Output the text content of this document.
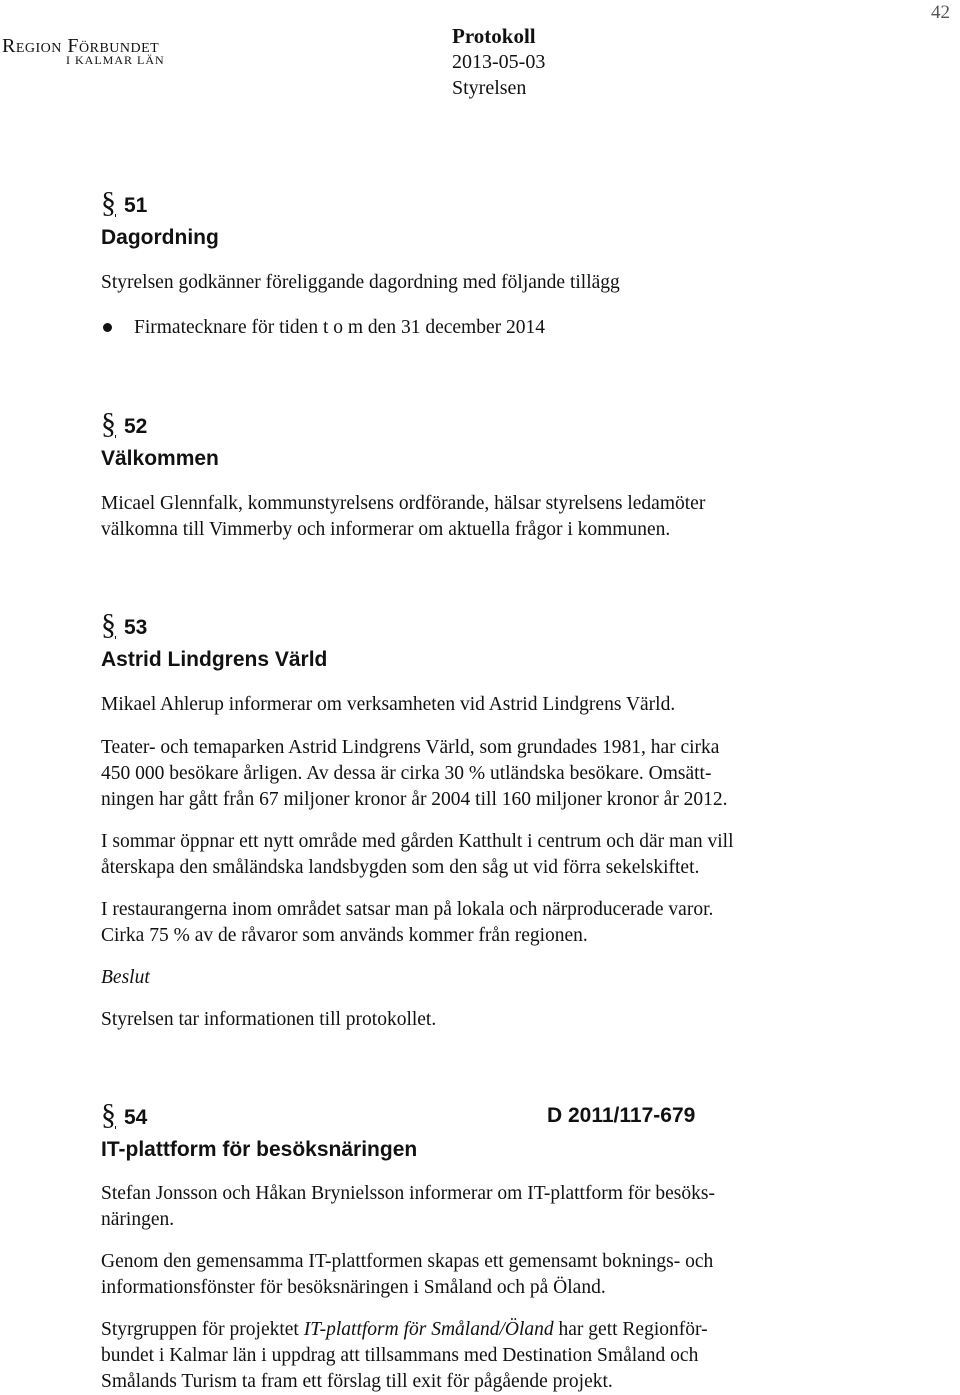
Region Förbundet
I KALMAR LÄN
Protokoll
2013-05-03
Styrelsen
42
§ 51
Dagordning
Styrelsen godkänner föreliggande dagordning med följande tillägg
Firmatecknare för tiden t o m den 31 december 2014
§ 52
Välkommen
Micael Glennfalk, kommunstyrelsens ordförande, hälsar styrelsens ledamöter
välkomna till Vimmerby och informerar om aktuella frågor i kommunen.
§ 53
Astrid Lindgrens Värld
Mikael Ahlerup informerar om verksamheten vid Astrid Lindgrens Värld.
Teater- och temaparken Astrid Lindgrens Värld, som grundades 1981, har cirka
450 000 besökare årligen. Av dessa är cirka 30 % utländska besökare. Omsätt-
ningen har gått från 67 miljoner kronor år 2004 till 160 miljoner kronor år 2012.
I sommar öppnar ett nytt område med gården Katthult i centrum och där man vill
återskapa den småländska landsbygden som den såg ut vid förra sekelskiftet.
I restaurangerna inom området satsar man på lokala och närproducerade varor.
Cirka 75 % av de råvaror som används kommer från regionen.
Beslut
Styrelsen tar informationen till protokollet.
§ 54	D 2011/117-679
IT-plattform för besöksnäringen
Stefan Jonsson och Håkan Brynielsson informerar om IT-plattform för besöks-
näringen.
Genom den gemensamma IT-plattformen skapas ett gemensamt boknings- och
informationsfönster för besöksnäringen i Småland och på Öland.
Styrgruppen för projektet IT-plattform för Småland/Öland har gett Regionför-
bundet i Kalmar län i uppdrag att tillsammans med Destination Småland och
Smålands Turism ta fram ett förslag till exit för pågående projekt.
